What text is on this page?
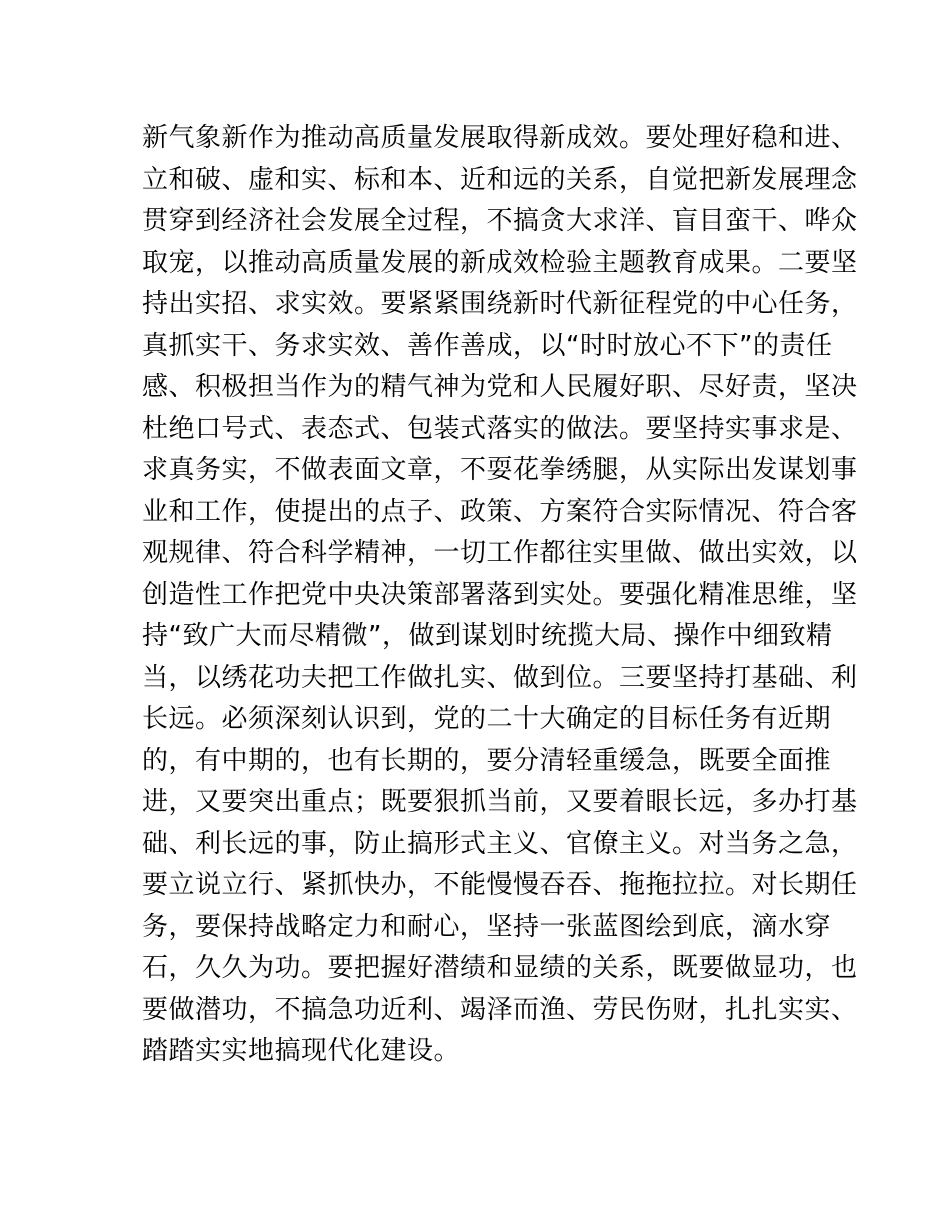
新气象新作为推动高质量发展取得新成效。要处理好稳和进、
立和破、虚和实、标和本、近和远的关系，自觉把新发展理念
贯穿到经济社会发展全过程，不搞贪大求洋、盲目蛮干、哗众
取宠，以推动高质量发展的新成效检验主题教育成果。二要坚
持出实招、求实效。要紧紧围绕新时代新征程党的中心任务，
真抓实干、务求实效、善作善成，以“时时放心不下”的责任
感、积极担当作为的精气神为党和人民履好职、尽好责，坚决
杜绝口号式、表态式、包装式落实的做法。要坚持实事求是、
求真务实，不做表面文章，不耍花拳绣腿，从实际出发谋划事
业和工作，使提出的点子、政策、方案符合实际情况、符合客
观规律、符合科学精神，一切工作都往实里做、做出实效，以
创造性工作把党中央决策部署落到实处。要强化精准思维，坚
持“致广大而尽精微”，做到谋划时统揽大局、操作中细致精
当，以绣花功夫把工作做扎实、做到位。三要坚持打基础、利
长远。必须深刻认识到，党的二十大确定的目标任务有近期
的，有中期的，也有长期的，要分清轻重缓急，既要全面推
进，又要突出重点；既要狠抓当前，又要着眼长远，多办打基
础、利长远的事，防止搞形式主义、官僚主义。对当务之急，
要立说立行、紧抓快办，不能慢慢吞吞、拖拖拉拉。对长期任
务，要保持战略定力和耐心，坚持一张蓝图绘到底，滴水穿
石，久久为功。要把握好潜绩和显绩的关系，既要做显功，也
要做潜功，不搞急功近利、竭泽而渔、劳民伤财，扎扎实实、
踏踏实实地搞现代化建设。
